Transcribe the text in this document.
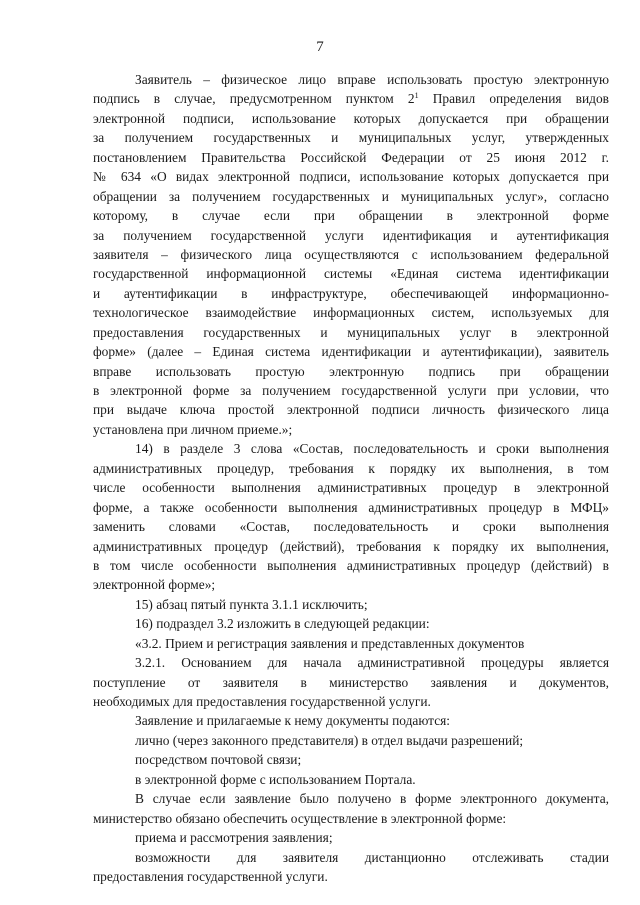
7
Заявитель – физическое лицо вправе использовать простую электронную
подпись в случае, предусмотренном пунктом $2^1$ Правил определения видов
электронной подписи, использование которых допускается при обращении
за получением государственных и муниципальных услуг, утвержденных
постановлением Правительства Российской Федерации от 25 июня 2012 г.
№ 634 «О видах электронной подписи, использование которых допускается при
обращении за получением государственных и муниципальных услуг», согласно
которому, в случае если при обращении в электронной форме
за получением государственной услуги идентификация и аутентификация
заявителя – физического лица осуществляются с использованием федеральной
государственной информационной системы «Единая система идентификации
и аутентификации в инфраструктуре, обеспечивающей информационно-
технологическое взаимодействие информационных систем, используемых для
предоставления государственных и муниципальных услуг в электронной
форме» (далее – Единая система идентификации и аутентификации), заявитель
вправе использовать простую электронную подпись при обращении
в электронной форме за получением государственной услуги при условии, что
при выдаче ключа простой электронной подписи личность физического лица
установлена при личном приеме.»;
14) в разделе 3 слова «Состав, последовательность и сроки выполнения
административных процедур, требования к порядку их выполнения, в том
числе особенности выполнения административных процедур в электронной
форме, а также особенности выполнения административных процедур в МФЦ»
заменить словами «Состав, последовательность и сроки выполнения
административных процедур (действий), требования к порядку их выполнения,
в том числе особенности выполнения административных процедур (действий) в
электронной форме»;
15) абзац пятый пункта 3.1.1 исключить;
16) подраздел 3.2 изложить в следующей редакции:
«3.2. Прием и регистрация заявления и представленных документов
3.2.1. Основанием для начала административной процедуры является
поступление от заявителя в министерство заявления и документов,
необходимых для предоставления государственной услуги.
Заявление и прилагаемые к нему документы подаются:
лично (через законного представителя) в отдел выдачи разрешений;
посредством почтовой связи;
в электронной форме с использованием Портала.
В случае если заявление было получено в форме электронного документа,
министерство обязано обеспечить осуществление в электронной форме:
приема и рассмотрения заявления;
возможности для заявителя дистанционно отслеживать стадии
предоставления государственной услуги.
